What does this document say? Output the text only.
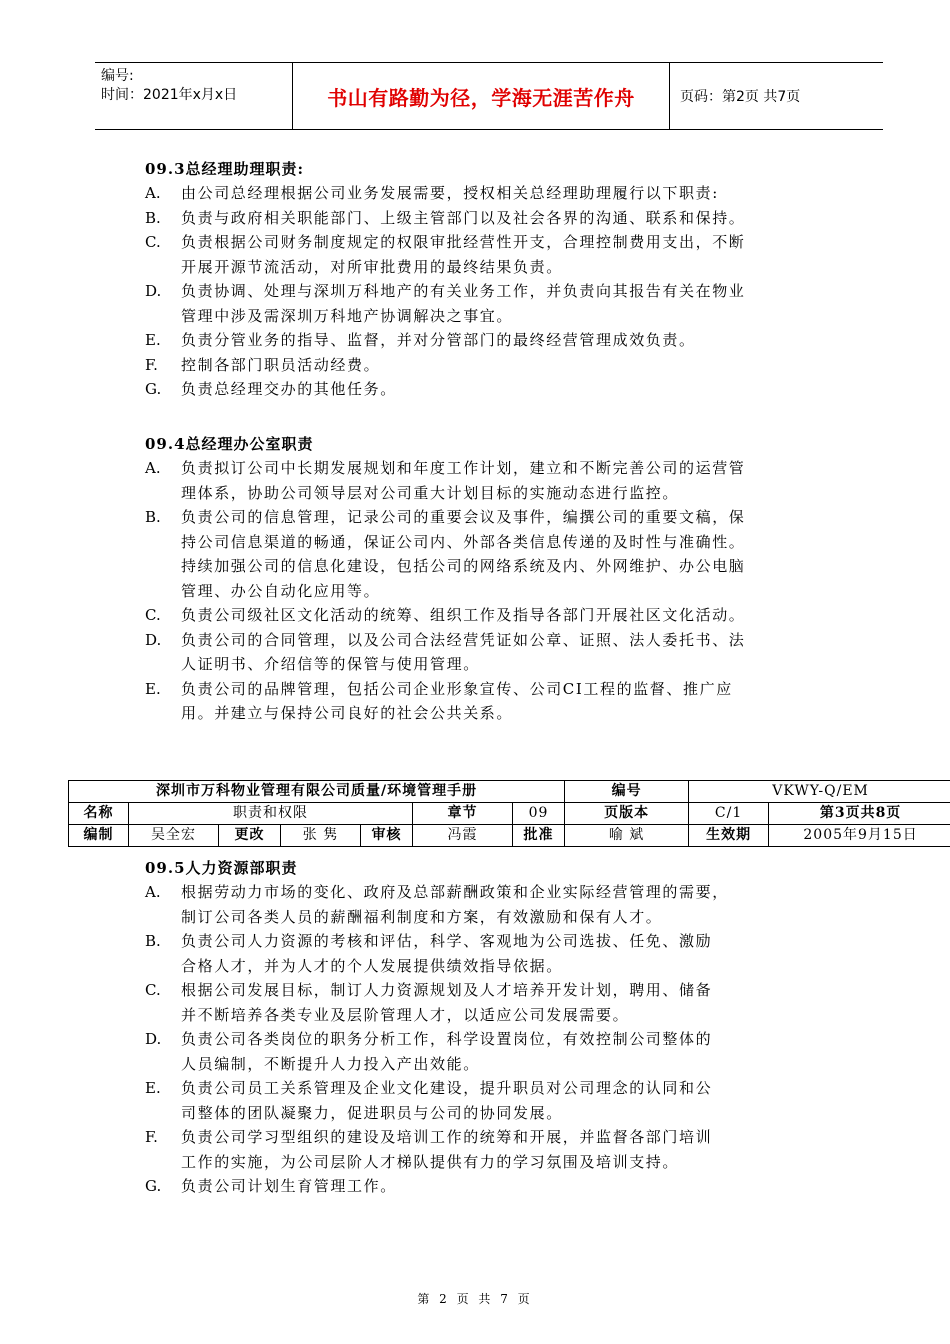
编号:
时间：2021年x月x日	书山有路勤为径，学海无涯苦作舟	页码：第2页 共7页
09.3总经理助理职责:
A.	由公司总经理根据公司业务发展需要，授权相关总经理助理履行以下职责:
B.	负责与政府相关职能部门、上级主管部门以及社会各界的沟通、联系和保持。
C.	负责根据公司财务制度规定的权限审批经营性开支，合理控制费用支出，不断
开展开源节流活动，对所审批费用的最终结果负责。
D.	负责协调、处理与深圳万科地产的有关业务工作，并负责向其报告有关在物业
管理中涉及需深圳万科地产协调解决之事宜。
E.	负责分管业务的指导、监督，并对分管部门的最终经营管理成效负责。
F.	控制各部门职员活动经费。
G.	负责总经理交办的其他任务。
09.4总经理办公室职责
A.	负责拟订公司中长期发展规划和年度工作计划，建立和不断完善公司的运营管
理体系，协助公司领导层对公司重大计划目标的实施动态进行监控。
B.	负责公司的信息管理，记录公司的重要会议及事件，编撰公司的重要文稿，保
持公司信息渠道的畅通，保证公司内、外部各类信息传递的及时性与准确性。
持续加强公司的信息化建设，包括公司的网络系统及内、外网维护、办公电脑
管理、办公自动化应用等。
C.	负责公司级社区文化活动的统筹、组织工作及指导各部门开展社区文化活动。
D.	负责公司的合同管理，以及公司合法经营凭证如公章、证照、法人委托书、法
人证明书、介绍信等的保管与使用管理。
E.	负责公司的品牌管理，包括公司企业形象宣传、公司CI工程的监督、推广应
用。并建立与保持公司良好的社会公共关系。
深圳市万科物业管理有限公司质量/环境管理手册							编号	VKWY-Q/EM	
名称	职责和权限				章节	09	页版本	C/1	第3页共8页
编制	吴全宏	更改	张 隽	审核	冯霞	批准	喻 斌	生效期	2005年9月15日
09.5人力资源部职责
A.	根据劳动力市场的变化、政府及总部薪酬政策和企业实际经营管理的需要，
制订公司各类人员的薪酬福利制度和方案，有效激励和保有人才。
B.	负责公司人力资源的考核和评估，科学、客观地为公司选拔、任免、激励
合格人才，并为人才的个人发展提供绩效指导依据。
C.	根据公司发展目标，制订人力资源规划及人才培养开发计划，聘用、储备
并不断培养各类专业及层阶管理人才，以适应公司发展需要。
D.	负责公司各类岗位的职务分析工作，科学设置岗位，有效控制公司整体的
人员编制，不断提升人力投入产出效能。
E.	负责公司员工关系管理及企业文化建设，提升职员对公司理念的认同和公
司整体的团队凝聚力，促进职员与公司的协同发展。
F.	负责公司学习型组织的建设及培训工作的统筹和开展，并监督各部门培训
工作的实施，为公司层阶人才梯队提供有力的学习氛围及培训支持。
G.	负责公司计划生育管理工作。
第 2 页 共 7 页
